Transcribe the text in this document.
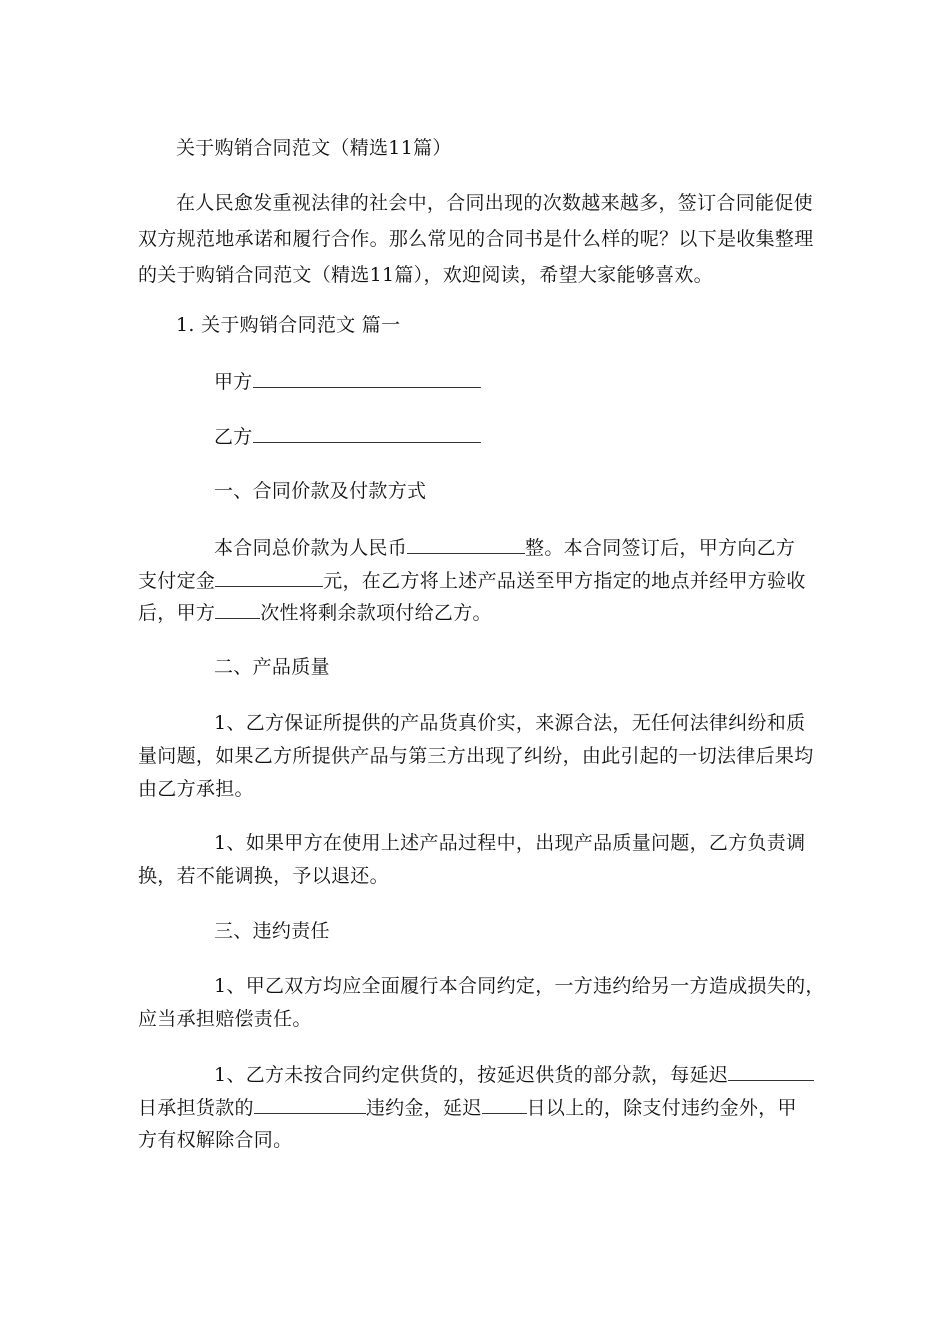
关于购销合同范文（精选11篇）
在人民愈发重视法律的社会中，合同出现的次数越来越多，签订合同能促使
双方规范地承诺和履行合作。那么常见的合同书是什么样的呢？以下是收集整理
的关于购销合同范文（精选11篇），欢迎阅读，希望大家能够喜欢。
1. 关于购销合同范文 篇一
甲方
乙方
一、合同价款及付款方式
本合同总价款为人民币	整。本合同签订后，甲方向乙方
支付定金	元，在乙方将上述产品送至甲方指定的地点并经甲方验收
后，甲方 次性将剩余款项付给乙方。
二、产品质量
1、乙方保证所提供的产品货真价实，来源合法，无任何法律纠纷和质
量问题，如果乙方所提供产品与第三方出现了纠纷，由此引起的一切法律后果均
由乙方承担。
1、如果甲方在使用上述产品过程中，出现产品质量问题，乙方负责调
换，若不能调换，予以退还。
三、违约责任
1、甲乙双方均应全面履行本合同约定，一方违约给另一方造成损失的，
应当承担赔偿责任。
1、乙方未按合同约定供货的，按延迟供货的部分款，每延迟
日承担货款的	违约金，延迟 日以上的，除支付违约金外，甲
方有权解除合同。
